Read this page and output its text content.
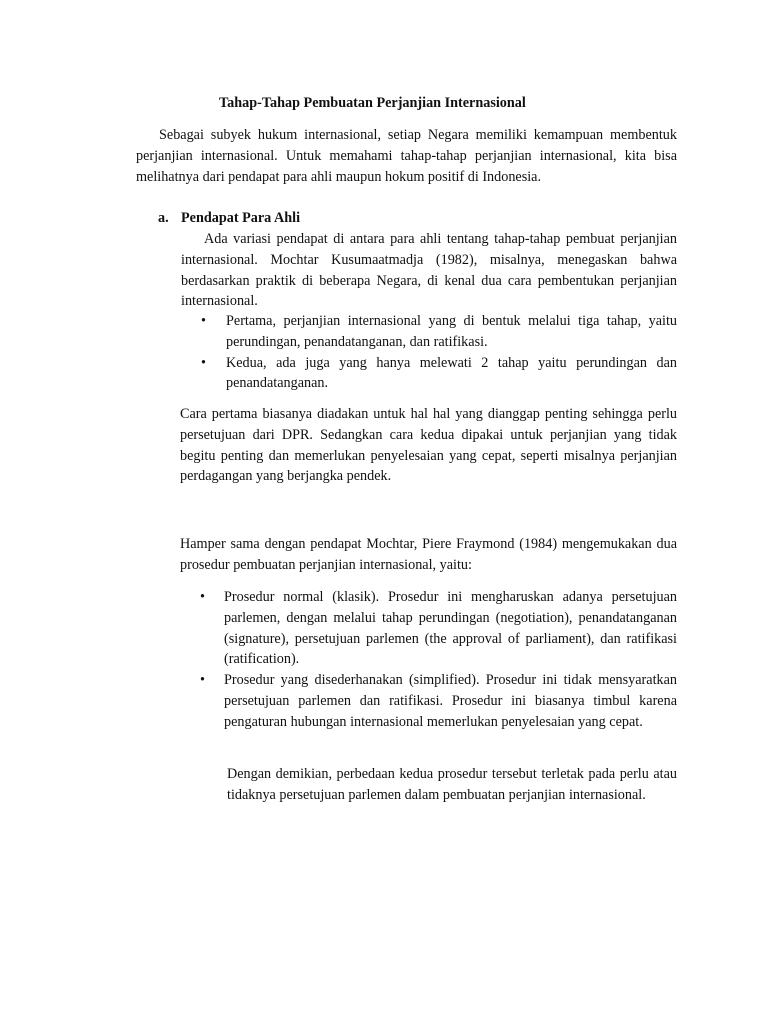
Tahap-Tahap Pembuatan Perjanjian Internasional

Sebagai subyek hukum internasional, setiap Negara memiliki kemampuan membentuk perjanjian internasional. Untuk memahami tahap-tahap perjanjian internasional, kita bisa melihatnya dari pendapat para ahli maupun hokum positif di Indonesia.

a. Pendapat Para Ahli

Ada variasi pendapat di antara para ahli tentang tahap-tahap pembuat perjanjian internasional. Mochtar Kusumaatmadja (1982), misalnya, menegaskan bahwa berdasarkan praktik di beberapa Negara, di kenal dua cara pembentukan perjanjian internasional.

• Pertama, perjanjian internasional yang di bentuk melalui tiga tahap, yaitu perundingan, penandatanganan, dan ratifikasi.
• Kedua, ada juga yang hanya melewati 2 tahap yaitu perundingan dan penandatanganan.

Cara pertama biasanya diadakan untuk hal hal yang dianggap penting sehingga perlu persetujuan dari DPR. Sedangkan cara kedua dipakai untuk perjanjian yang tidak begitu penting dan memerlukan penyelesaian yang cepat, seperti misalnya perjanjian perdagangan yang berjangka pendek.

Hamper sama dengan pendapat Mochtar, Piere Fraymond (1984) mengemukakan dua prosedur pembuatan perjanjian internasional, yaitu:

• Prosedur normal (klasik). Prosedur ini mengharuskan adanya persetujuan parlemen, dengan melalui tahap perundingan (negotiation), penandatanganan (signature), persetujuan parlemen (the approval of parliament), dan ratifikasi (ratification).
• Prosedur yang disederhanakan (simplified). Prosedur ini tidak mensyaratkan persetujuan parlemen dan ratifikasi. Prosedur ini biasanya timbul karena pengaturan hubungan internasional memerlukan penyelesaian yang cepat.

Dengan demikian, perbedaan kedua prosedur tersebut terletak pada perlu atau tidaknya persetujuan parlemen dalam pembuatan perjanjian internasional.
